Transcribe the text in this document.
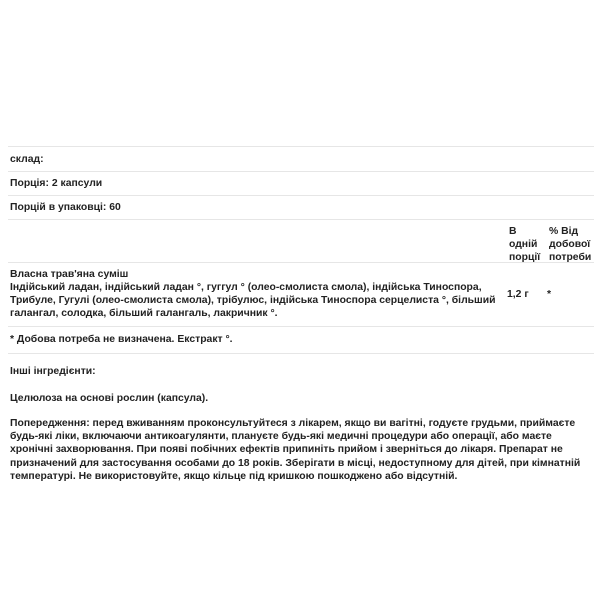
склад:
Порція: 2 капсули
Порцій в упаковці: 60
В
одній
порції
% Від
добової
потреби
Власна трав'яна суміш
Індійський ладан, індійський ладан °, гуггул ° (олео-смолиста смола), індійська Тиноспора, Трибуле, Гугулі (олео-смолиста смола), трібулюс, індійська Тиноспора серцелиста °, більший галангал, солодка, більший галангаль, лакричник °.
1,2 г	*
* Добова потреба не визначена. Екстракт °.
Інші інгредієнти:
Целюлоза на основі рослин (капсула).
Попередження: перед вживанням проконсультуйтеся з лікарем, якщо ви вагітні, годуєте грудьми, приймаєте будь-які ліки, включаючи антикоагулянти, плануєте будь-які медичні процедури або операції, або маєте хронічні захворювання. При появі побічних ефектів припиніть прийом і зверніться до лікаря. Препарат не призначений для застосування особами до 18 років. Зберігати в місці, недоступному для дітей, при кімнатній температурі. Не використовуйте, якщо кільце під кришкою пошкоджено або відсутній.
